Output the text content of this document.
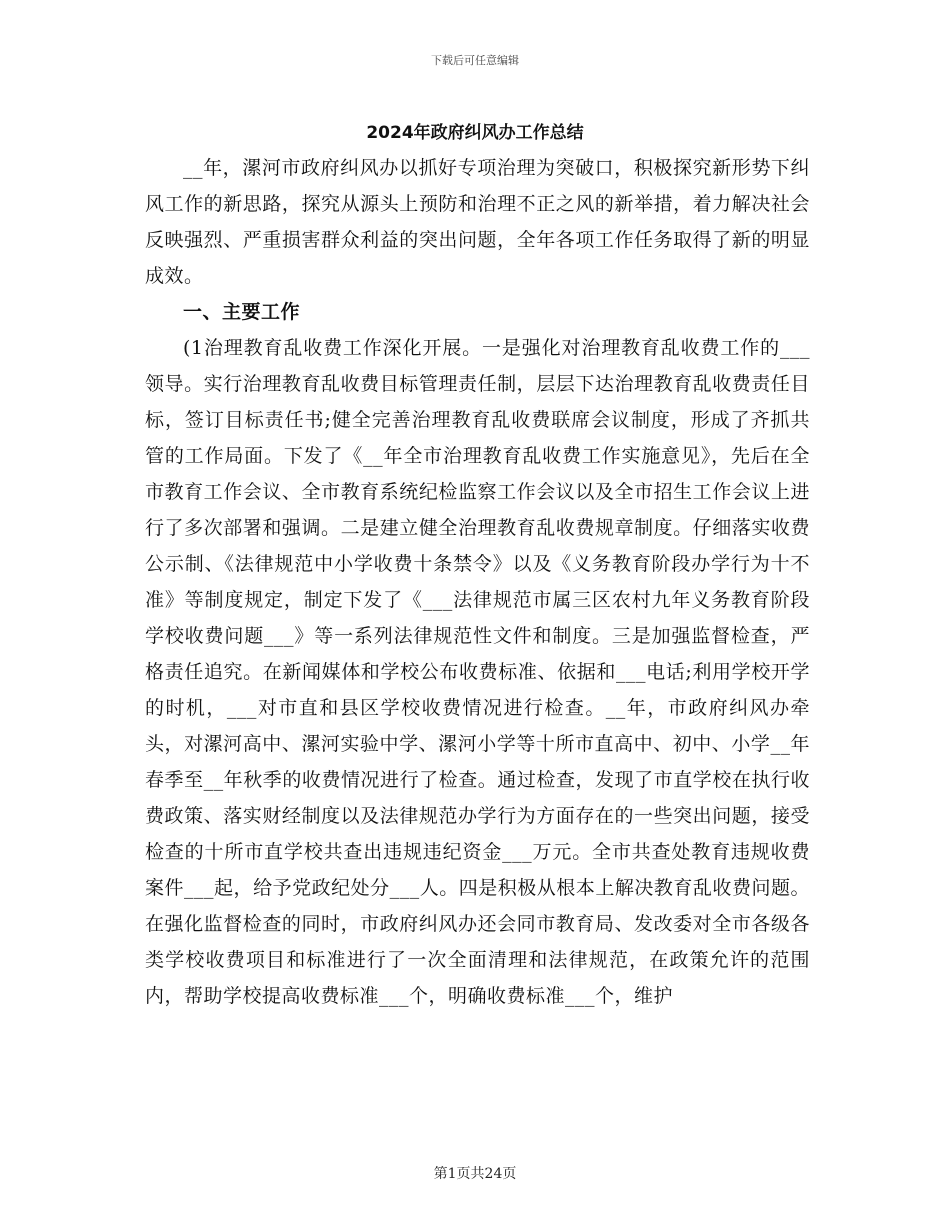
下载后可任意编辑
2024年政府纠风办工作总结

__年，漯河市政府纠风办以抓好专项治理为突破口，积极探究新形势下纠风工作的新思路，探究从源头上预防和治理不正之风的新举措，着力解决社会反映强烈、严重损害群众利益的突出问题，全年各项工作任务取得了新的明显成效。

一、主要工作

(1治理教育乱收费工作深化开展。一是强化对治理教育乱收费工作的___领导。实行治理教育乱收费目标管理责任制，层层下达治理教育乱收费责任目标，签订目标责任书;健全完善治理教育乱收费联席会议制度，形成了齐抓共管的工作局面。下发了《__年全市治理教育乱收费工作实施意见》，先后在全市教育工作会议、全市教育系统纪检监察工作会议以及全市招生工作会议上进行了多次部署和强调。二是建立健全治理教育乱收费规章制度。仔细落实收费公示制、《法律规范中小学收费十条禁令》以及《义务教育阶段办学行为十不准》等制度规定，制定下发了《___法律规范市属三区农村九年义务教育阶段学校收费问题___》等一系列法律规范性文件和制度。三是加强监督检查，严格责任追究。在新闻媒体和学校公布收费标准、依据和___电话;利用学校开学的时机，___对市直和县区学校收费情况进行检查。__年，市政府纠风办牵头，对漯河高中、漯河实验中学、漯河小学等十所市直高中、初中、小学__年春季至__年秋季的收费情况进行了检查。通过检查，发现了市直学校在执行收费政策、落实财经制度以及法律规范办学行为方面存在的一些突出问题，接受检查的十所市直学校共查出违规违纪资金___万元。全市共查处教育违规收费案件___起，给予党政纪处分___人。四是积极从根本上解决教育乱收费问题。在强化监督检查的同时，市政府纠风办还会同市教育局、发改委对全市各级各类学校收费项目和标准进行了一次全面清理和法律规范，在政策允许的范围内，帮助学校提高收费标准___个，明确收费标准___个，维护

第1页共24页
